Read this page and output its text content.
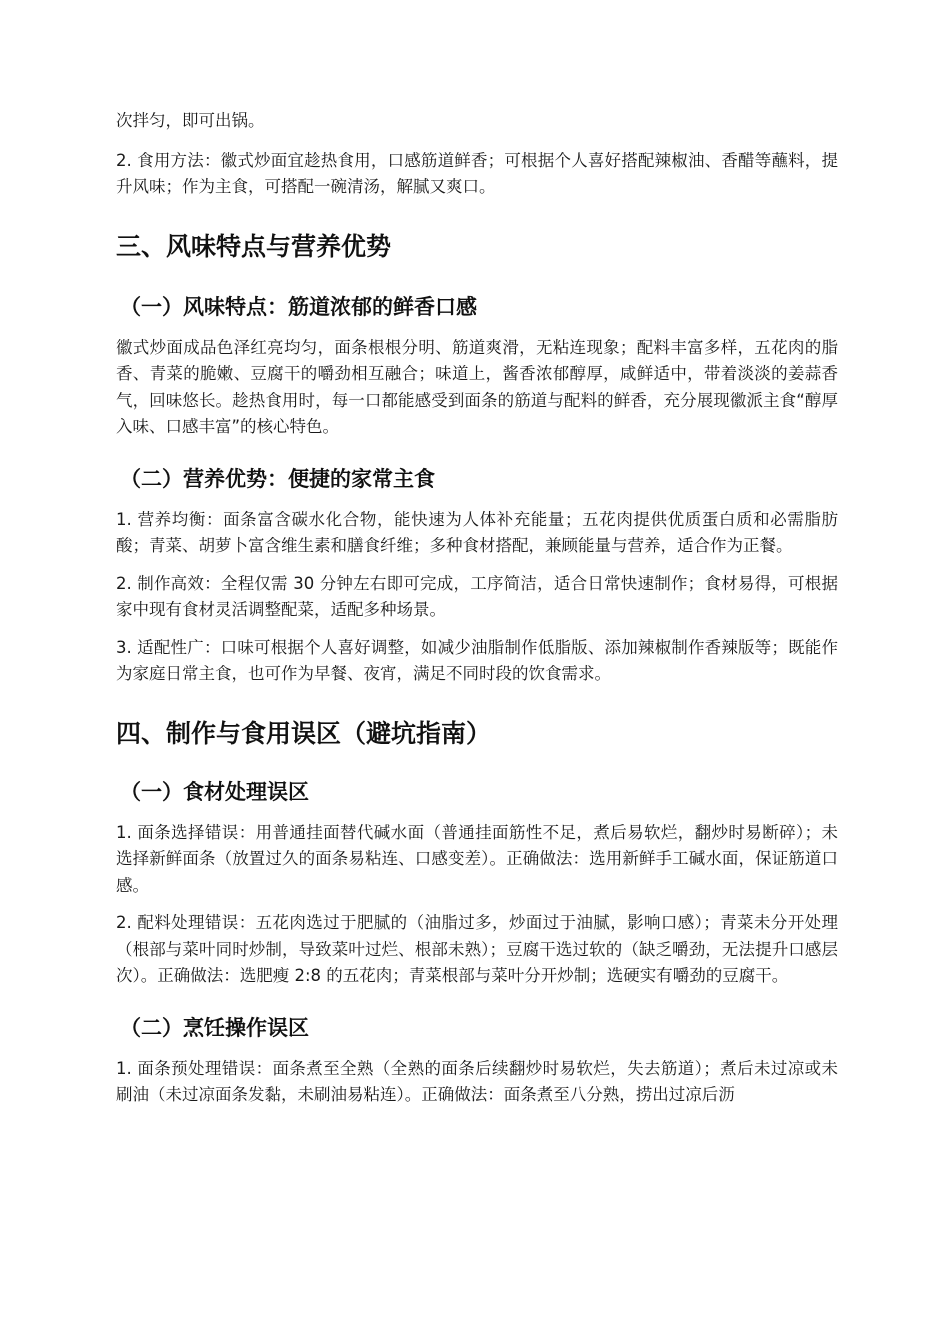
次拌匀，即可出锅。

2. 食用方法：徽式炒面宜趁热食用，口感筋道鲜香；可根据个人喜好搭配辣椒油、香醋等蘸料，提升风味；作为主食，可搭配一碗清汤，解腻又爽口。

三、风味特点与营养优势
（一）风味特点：筋道浓郁的鲜香口感

徽式炒面成品色泽红亮均匀，面条根根分明、筋道爽滑，无粘连现象；配料丰富多样，五花肉的脂香、青菜的脆嫩、豆腐干的嚼劲相互融合；味道上，酱香浓郁醇厚，咸鲜适中，带着淡淡的姜蒜香气，回味悠长。趁热食用时，每一口都能感受到面条的筋道与配料的鲜香，充分展现徽派主食“醇厚入味、口感丰富”的核心特色。

（二）营养优势：便捷的家常主食

1. 营养均衡：面条富含碳水化合物，能快速为人体补充能量；五花肉提供优质蛋白质和必需脂肪酸；青菜、胡萝卜富含维生素和膳食纤维；多种食材搭配，兼顾能量与营养，适合作为正餐。

2. 制作高效：全程仅需 30 分钟左右即可完成，工序简洁，适合日常快速制作；食材易得，可根据家中现有食材灵活调整配菜，适配多种场景。

3. 适配性广：口味可根据个人喜好调整，如减少油脂制作低脂版、添加辣椒制作香辣版等；既能作为家庭日常主食，也可作为早餐、夜宵，满足不同时段的饮食需求。

四、制作与食用误区（避坑指南）
（一）食材处理误区

1. 面条选择错误：用普通挂面替代碱水面（普通挂面筋性不足，煮后易软烂，翻炒时易断碎）；未选择新鲜面条（放置过久的面条易粘连、口感变差）。正确做法：选用新鲜手工碱水面，保证筋道口感。

2. 配料处理错误：五花肉选过于肥腻的（油脂过多，炒面过于油腻，影响口感）；青菜未分开处理（根部与菜叶同时炒制，导致菜叶过烂、根部未熟）；豆腐干选过软的（缺乏嚼劲，无法提升口感层次）。正确做法：选肥瘦 2:8 的五花肉；青菜根部与菜叶分开炒制；选硬实有嚼劲的豆腐干。

（二）烹饪操作误区

1. 面条预处理错误：面条煮至全熟（全熟的面条后续翻炒时易软烂，失去筋道）；煮后未过凉或未刷油（未过凉面条发黏，未刷油易粘连）。正确做法：面条煮至八分熟，捞出过凉后沥
